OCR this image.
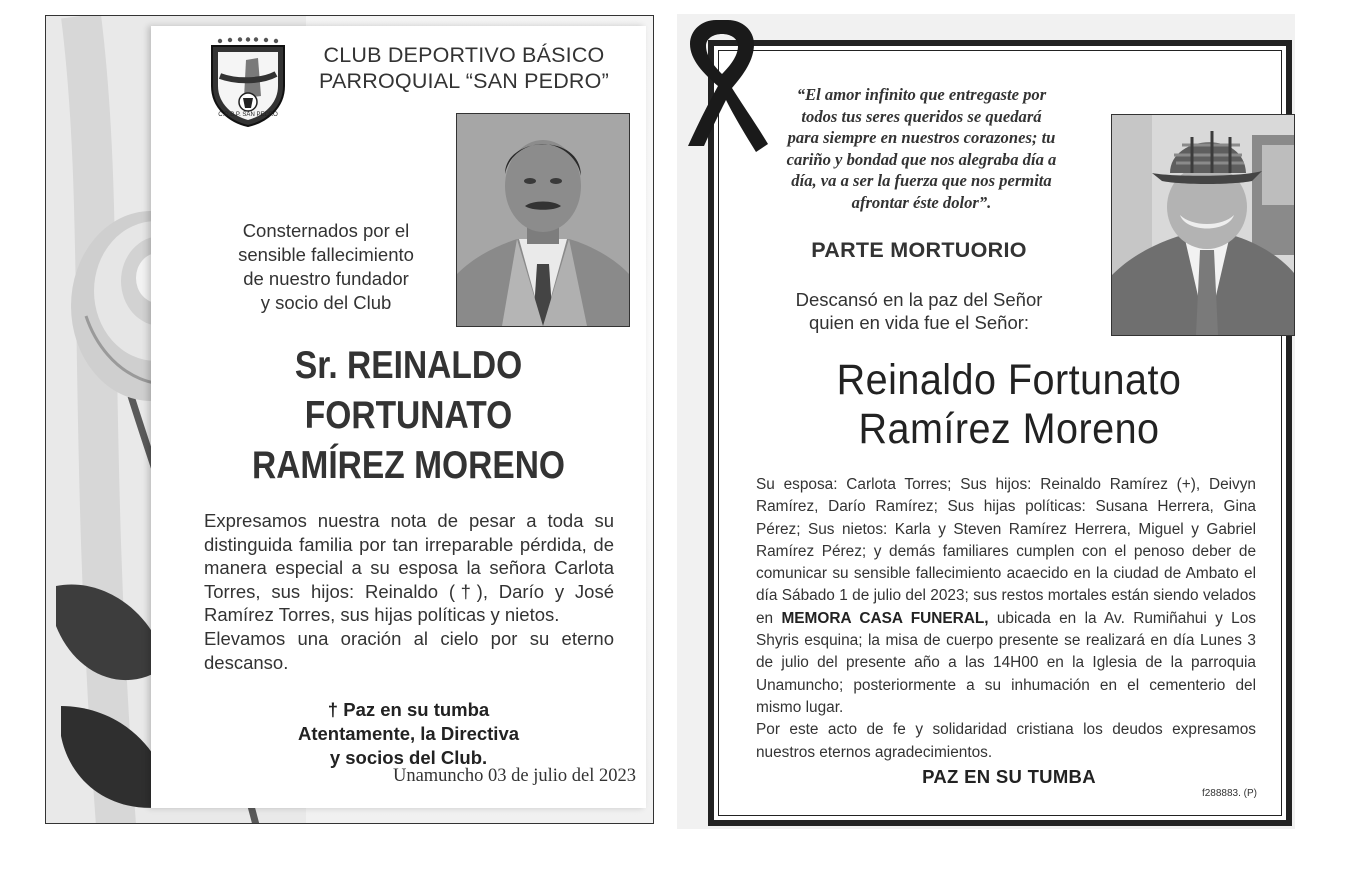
C.D.B.P. SAN PEDRO
CLUB DEPORTIVO BÁSICO
PARROQUIAL “SAN PEDRO”
Consternados por el
sensible fallecimiento
de nuestro fundador
y socio del Club
Sr. REINALDO
FORTUNATO
RAMÍREZ MORENO

Expresamos nuestra nota de pesar a toda su distinguida familia por tan irreparable pérdida, de manera especial a su esposa la señora Carlota Torres, sus hijos: Reinaldo (†), Darío y José Ramírez Torres, sus hijas políticas y nietos.

Elevamos una oración al cielo por su eterno descanso.

† Paz en su tumba
Atentamente, la Directiva
y socios del Club.
Unamuncho 03 de julio del 2023
“El amor infinito que entregaste por
todos tus seres queridos se quedará
para siempre en nuestros corazones; tu
cariño y bondad que nos alegraba día a
día, va a ser la fuerza que nos permita
afrontar éste dolor”.
PARTE MORTUORIO
Descansó en la paz del Señor
quien en vida fue el Señor:
Reinaldo Fortunato
Ramírez Moreno

Su esposa: Carlota Torres; Sus hijos: Reinaldo Ramírez (+), Deivyn Ramírez, Darío Ramírez; Sus hijas políticas: Susana Herrera, Gina Pérez; Sus nietos: Karla y Steven Ramírez Herrera, Miguel y Gabriel Ramírez Pérez; y demás familiares cumplen con el penoso deber de comunicar su sensible fallecimiento acaecido en la ciudad de Ambato el día Sábado 1 de julio del 2023; sus restos mortales están siendo velados en MEMORA CASA FUNERAL, ubicada en la Av. Rumiñahui y Los Shyris esquina; la misa de cuerpo presente se realizará en día Lunes 3 de julio del presente año a las 14H00 en la Iglesia de la parroquia Unamuncho; posteriormente a su inhumación en el cementerio del mismo lugar.

Por este acto de fe y solidaridad cristiana los deudos expresamos nuestros eternos agradecimientos.

PAZ EN SU TUMBA
f288883. (P)
